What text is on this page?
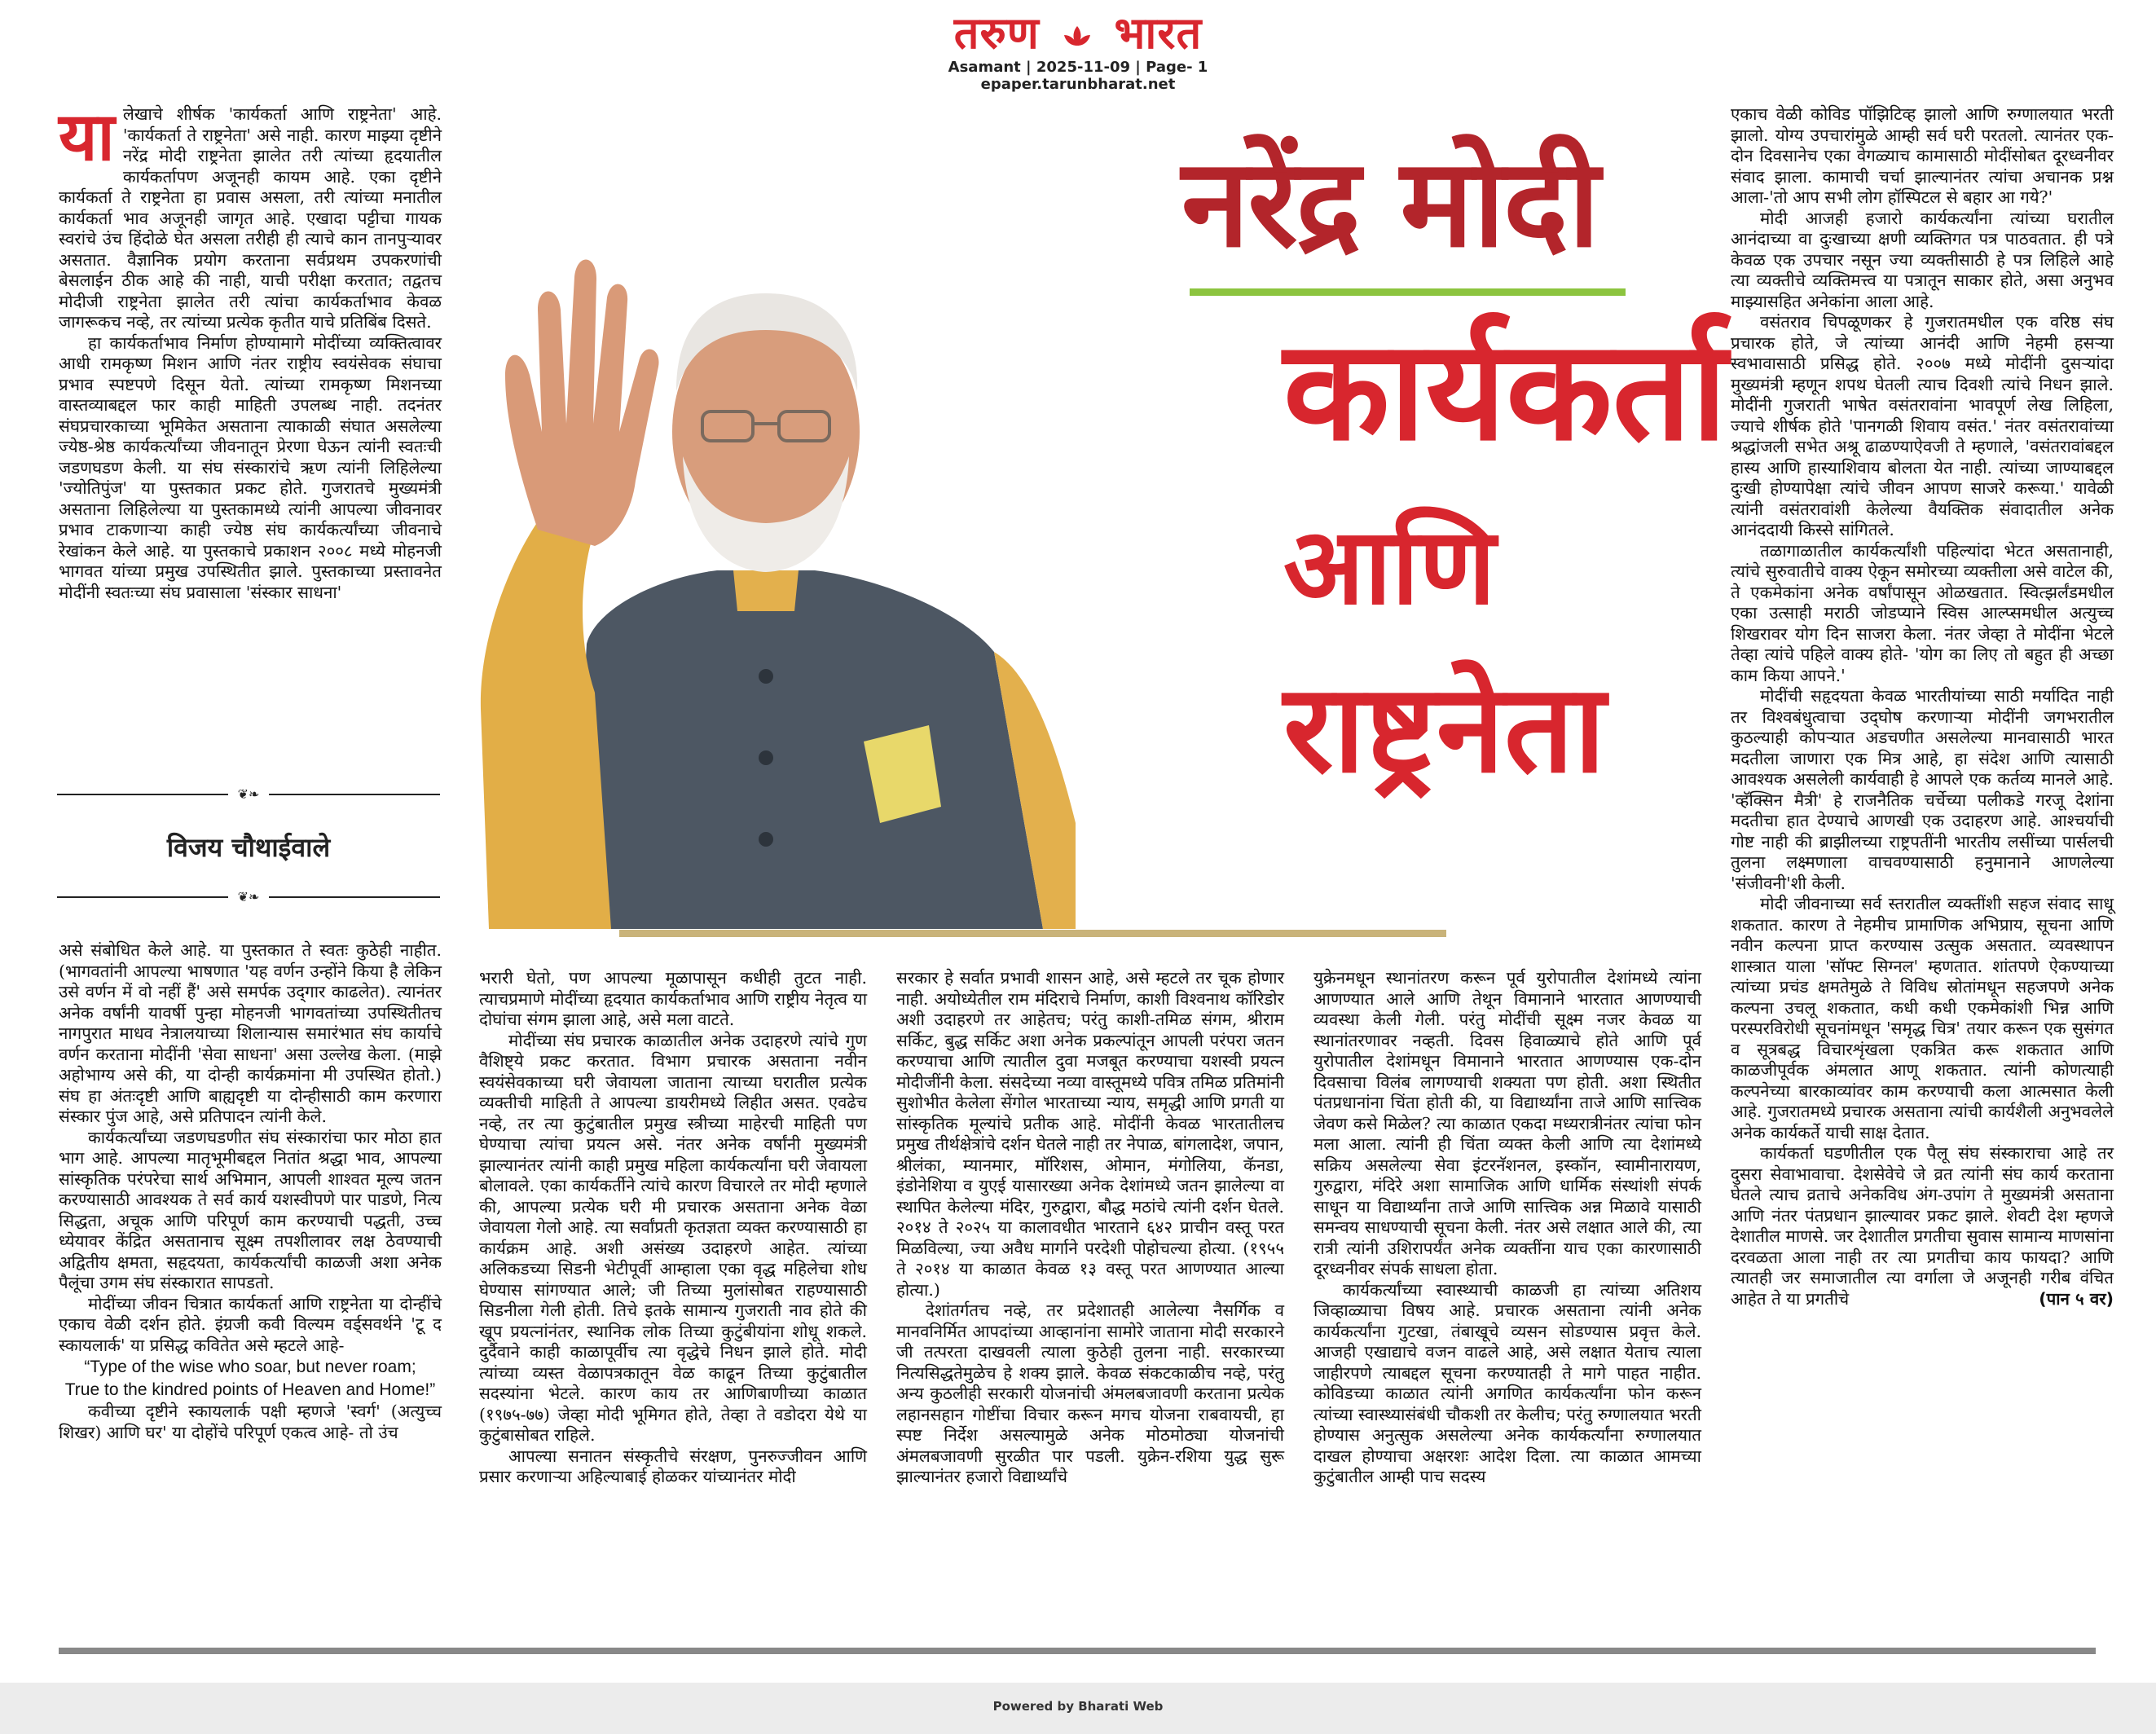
तरुण भारत
Asamant | 2025-11-09 | Page- 1
epaper.tarunbharat.net
या लेखाचे शीर्षक 'कार्यकर्ता आणि राष्ट्रनेता' आहे. 'कार्यकर्ता ते राष्ट्रनेता' असे नाही. कारण माझ्या दृष्टीने नरेंद्र मोदी राष्ट्रनेता झालेत तरी त्यांच्या हृदयातील कार्यकर्तापण अजूनही कायम आहे. एका दृष्टीने कार्यकर्ता ते राष्ट्रनेता हा प्रवास असला, तरी त्यांच्या मनातील कार्यकर्ता भाव अजूनही जागृत आहे. एखादा पट्टीचा गायक स्वरांचे उंच हिंदोळे घेत असला तरीही ही त्याचे कान तानपुऱ्यावर असतात. वैज्ञानिक प्रयोग करताना सर्वप्रथम उपकरणांची बेसलाईन ठीक आहे की नाही, याची परीक्षा करतात; तद्वतच मोदीजी राष्ट्रनेता झालेत तरी त्यांचा कार्यकर्ताभाव केवळ जागरूकच नव्हे, तर त्यांच्या प्रत्येक कृतीत याचे प्रतिबिंब दिसते.

हा कार्यकर्ताभाव निर्माण होण्यामागे मोदींच्या व्यक्तित्वावर आधी रामकृष्ण मिशन आणि नंतर राष्ट्रीय स्वयंसेवक संघाचा प्रभाव स्पष्टपणे दिसून येतो. त्यांच्या रामकृष्ण मिशनच्या वास्तव्याबद्दल फार काही माहिती उपलब्ध नाही. तदनंतर संघप्रचारकाच्या भूमिकेत असताना त्याकाळी संघात असलेल्या ज्येष्ठ-श्रेष्ठ कार्यकर्त्यांच्या जीवनातून प्रेरणा घेऊन त्यांनी स्वतःची जडणघडण केली. या संघ संस्कारांचे ऋण त्यांनी लिहिलेल्या 'ज्योतिपुंज' या पुस्तकात प्रकट होते. गुजरातचे मुख्यमंत्री असताना लिहिलेल्या या पुस्तकामध्ये त्यांनी आपल्या जीवनावर प्रभाव टाकणाऱ्या काही ज्येष्ठ संघ कार्यकर्त्यांच्या जीवनाचे रेखांकन केले आहे. या पुस्तकाचे प्रकाशन २००८ मध्ये मोहनजी भागवत यांच्या प्रमुख उपस्थितीत झाले. पुस्तकाच्या प्रस्तावनेत मोदींनी स्वतःच्या संघ प्रवासाला 'संस्कार साधना'

❦❧
विजय चौथाईवाले
❦❧

असे संबोधित केले आहे. या पुस्तकात ते स्वतः कुठेही नाहीत. (भागवतांनी आपल्या भाषणात 'यह वर्णन उन्होंने किया है लेकिन उसे वर्णन में वो नहीं हैं' असे समर्पक उद्‌गार काढलेत). त्यानंतर अनेक वर्षांनी यावर्षी पुन्हा मोहनजी भागवतांच्या उपस्थितीतच नागपुरात माधव नेत्रालयाच्या शिलान्यास समारंभात संघ कार्याचे वर्णन करताना मोदींनी 'सेवा साधना' असा उल्लेख केला. (माझे अहोभाग्य असे की, या दोन्ही कार्यक्रमांना मी उपस्थित होतो.) संघ हा अंतःदृष्टी आणि बाह्यदृष्टी या दोन्हीसाठी काम करणारा संस्कार पुंज आहे, असे प्रतिपादन त्यांनी केले.

कार्यकर्त्यांच्या जडणघडणीत संघ संस्कारांचा फार मोठा हात भाग आहे. आपल्या मातृभूमीबद्दल नितांत श्रद्धा भाव, आपल्या सांस्कृतिक परंपरेचा सार्थ अभिमान, आपली शाश्वत मूल्य जतन करण्यासाठी आवश्यक ते सर्व कार्य यशस्वीपणे पार पाडणे, नित्य सिद्धता, अचूक आणि परिपूर्ण काम करण्याची पद्धती, उच्च ध्येयावर केंद्रित असतानाच सूक्ष्म तपशीलावर लक्ष ठेवण्याची अद्वितीय क्षमता, सहृदयता, कार्यकर्त्यांची काळजी अशा अनेक पैलूंचा उगम संघ संस्कारात सापडतो.

मोदींच्या जीवन चित्रात कार्यकर्ता आणि राष्ट्रनेता या दोन्हींचे एकाच वेळी दर्शन होते. इंग्रजी कवी विल्यम वर्ड्सवर्थने 'टू द स्कायलार्क' या प्रसिद्ध कवितेत असे म्हटले आहे-

“Type of the wise who soar, but never roam;
True to the kindred points of Heaven and Home!”

कवीच्या दृष्टीने स्कायलार्क पक्षी म्हणजे 'स्वर्ग' (अत्युच्च शिखर) आणि घर' या दोहोंचे परिपूर्ण एकत्व आहे- तो उंच

नरेंद्र मोदी
कार्यकर्ता
आणि
राष्ट्रनेता

भरारी घेतो, पण आपल्या मूळापासून कधीही तुटत नाही. त्याचप्रमाणे मोदींच्या हृदयात कार्यकर्ताभाव आणि राष्ट्रीय नेतृत्व या दोघांचा संगम झाला आहे, असे मला वाटते.

मोदींच्या संघ प्रचारक काळातील अनेक उदाहरणे त्यांचे गुण वैशिष्ट्ये प्रकट करतात. विभाग प्रचारक असताना नवीन स्वयंसेवकाच्या घरी जेवायला जाताना त्याच्या घरातील प्रत्येक व्यक्तीची माहिती ते आपल्या डायरीमध्ये लिहीत असत. एवढेच नव्हे, तर त्या कुटुंबातील प्रमुख स्त्रीच्या माहेरची माहिती पण घेण्याचा त्यांचा प्रयत्न असे. नंतर अनेक वर्षांनी मुख्यमंत्री झाल्यानंतर त्यांनी काही प्रमुख महिला कार्यकर्त्यांना घरी जेवायला बोलावले. एका कार्यकर्तीने त्यांचे कारण विचारले तर मोदी म्हणाले की, आपल्या प्रत्येक घरी मी प्रचारक असताना अनेक वेळा जेवायला गेलो आहे. त्या सर्वांप्रती कृतज्ञता व्यक्त करण्यासाठी हा कार्यक्रम आहे. अशी असंख्य उदाहरणे आहेत. त्यांच्या अलिकडच्या सिडनी भेटीपूर्वी आम्हाला एका वृद्ध महिलेचा शोध घेण्यास सांगण्यात आले; जी तिच्या मुलांसोबत राहण्यासाठी सिडनीला गेली होती. तिचे इतके सामान्य गुजराती नाव होते की खूप प्रयत्नांनंतर, स्थानिक लोक तिच्या कुटुंबीयांना शोधू शकले. दुर्दैवाने काही काळापूर्वीच त्या वृद्धेचे निधन झाले होते. मोदी त्यांच्या व्यस्त वेळापत्रकातून वेळ काढून तिच्या कुटुंबातील सदस्यांना भेटले. कारण काय तर आणिबाणीच्या काळात (१९७५-७७) जेव्हा मोदी भूमिगत होते, तेव्हा ते वडोदरा येथे या कुटुंबासोबत राहिले.

आपल्या सनातन संस्कृतीचे संरक्षण, पुनरुज्जीवन आणि प्रसार करणाऱ्या अहिल्याबाई होळकर यांच्यानंतर मोदी

सरकार हे सर्वात प्रभावी शासन आहे, असे म्हटले तर चूक होणार नाही. अयोध्येतील राम मंदिराचे निर्माण, काशी विश्वनाथ कॉरिडोर अशी उदाहरणे तर आहेतच; परंतु काशी-तमिळ संगम, श्रीराम सर्किट, बुद्ध सर्किट अशा अनेक प्रकल्पांतून आपली परंपरा जतन करण्याचा आणि त्यातील दुवा मजबूत करण्याचा यशस्वी प्रयत्न मोदीजींनी केला. संसदेच्या नव्या वास्तूमध्ये पवित्र तमिळ प्रतिमांनी सुशोभीत केलेला सेंगोल भारताच्या न्याय, समृद्धी आणि प्रगती या सांस्कृतिक मूल्यांचे प्रतीक आहे. मोदींनी केवळ भारतातीलच प्रमुख तीर्थक्षेत्रांचे दर्शन घेतले नाही तर नेपाळ, बांगलादेश, जपान, श्रीलंका, म्यानमार, मॉरिशस, ओमान, मंगोलिया, कॅनडा, इंडोनेशिया व युएई यासारख्या अनेक देशांमध्ये जतन झालेल्या वा स्थापित केलेल्या मंदिर, गुरुद्वारा, बौद्ध मठांचे त्यांनी दर्शन घेतले. २०१४ ते २०२५ या कालावधीत भारताने ६४२ प्राचीन वस्तू परत मिळविल्या, ज्या अवैध मार्गाने परदेशी पोहोचल्या होत्या. (१९५५ ते २०१४ या काळात केवळ १३ वस्तू परत आणण्यात आल्या होत्या.)

देशांतर्गतच नव्हे, तर प्रदेशातही आलेल्या नैसर्गिक व मानवनिर्मित आपदांच्या आव्हानांना सामोरे जाताना मोदी सरकारने जी तत्परता दाखवली त्याला कुठेही तुलना नाही. सरकारच्या नित्यसिद्धतेमुळेच हे शक्य झाले. केवळ संकटकाळीच नव्हे, परंतु अन्य कुठलीही सरकारी योजनांची अंमलबजावणी करताना प्रत्येक लहानसहान गोष्टींचा विचार करून मगच योजना राबवायची, हा स्पष्ट निर्देश असल्यामुळे अनेक मोठमोठ्या योजनांची अंमलबजावणी सुरळीत पार पडली. युक्रेन-रशिया युद्ध सुरू झाल्यानंतर हजारो विद्यार्थ्यांचे

युक्रेनमधून स्थानांतरण करून पूर्व युरोपातील देशांमध्ये त्यांना आणण्यात आले आणि तेथून विमानाने भारतात आणण्याची व्यवस्था केली गेली. परंतु मोदींची सूक्ष्म नजर केवळ या स्थानांतरणावर नव्हती. दिवस हिवाळ्याचे होते आणि पूर्व युरोपातील देशांमधून विमानाने भारतात आणण्यास एक-दोन दिवसाचा विलंब लागण्याची शक्यता पण होती. अशा स्थितीत पंतप्रधानांना चिंता होती की, या विद्यार्थ्यांना ताजे आणि सात्त्विक जेवण कसे मिळेल? त्या काळात एकदा मध्यरात्रीनंतर त्यांचा फोन मला आला. त्यांनी ही चिंता व्यक्त केली आणि त्या देशांमध्ये सक्रिय असलेल्या सेवा इंटरनॅशनल, इस्कॉन, स्वामीनारायण, गुरुद्वारा, मंदिरे अशा सामाजिक आणि धार्मिक संस्थांशी संपर्क साधून या विद्यार्थ्यांना ताजे आणि सात्त्विक अन्न मिळावे यासाठी समन्वय साधण्याची सूचना केली. नंतर असे लक्षात आले की, त्या रात्री त्यांनी उशिरापर्यंत अनेक व्यक्तींना याच एका कारणासाठी दूरध्वनीवर संपर्क साधला होता.

कार्यकर्त्यांच्या स्वास्थ्याची काळजी हा त्यांच्या अतिशय जिव्हाळ्याचा विषय आहे. प्रचारक असताना त्यांनी अनेक कार्यकर्त्यांना गुटखा, तंबाखूचे व्यसन सोडण्यास प्रवृत्त केले. आजही एखाद्याचे वजन वाढले आहे, असे लक्षात येताच त्याला जाहीरपणे त्याबद्दल सूचना करण्यातही ते मागे पाहत नाहीत. कोविडच्या काळात त्यांनी अगणित कार्यकर्त्यांना फोन करून त्यांच्या स्वास्थ्यासंबंधी चौकशी तर केलीच; परंतु रुग्णालयात भरती होण्यास अनुत्सुक असलेल्या अनेक कार्यकर्त्यांना रुग्णालयात दाखल होण्याचा अक्षरशः आदेश दिला. त्या काळात आमच्या कुटुंबातील आम्ही पाच सदस्य

एकाच वेळी कोविड पॉझिटिव्ह झालो आणि रुग्णालयात भरती झालो. योग्य उपचारांमुळे आम्ही सर्व घरी परतलो. त्यानंतर एक-दोन दिवसानेच एका वेगळ्याच कामासाठी मोदींसोबत दूरध्वनीवर संवाद झाला. कामाची चर्चा झाल्यानंतर त्यांचा अचानक प्रश्न आला-'तो आप सभी लोग हॉस्पिटल से बहार आ गये?'

मोदी आजही हजारो कार्यकर्त्यांना त्यांच्या घरातील आनंदाच्या वा दुःखाच्या क्षणी व्यक्तिगत पत्र पाठवतात. ही पत्रे केवळ एक उपचार नसून ज्या व्यक्तीसाठी हे पत्र लिहिले आहे त्या व्यक्तीचे व्यक्तिमत्त्व या पत्रातून साकार होते, असा अनुभव माझ्यासहित अनेकांना आला आहे.

वसंतराव चिपळूणकर हे गुजरातमधील एक वरिष्ठ संघ प्रचारक होते, जे त्यांच्या आनंदी आणि नेहमी हसऱ्या स्वभावासाठी प्रसिद्ध होते. २००७ मध्ये मोदींनी दुसऱ्यांदा मुख्यमंत्री म्हणून शपथ घेतली त्याच दिवशी त्यांचे निधन झाले. मोदींनी गुजराती भाषेत वसंतरावांना भावपूर्ण लेख लिहिला, ज्याचे शीर्षक होते 'पानगळी शिवाय वसंत.' नंतर वसंतरावांच्या श्रद्धांजली सभेत अश्रू ढाळण्याऐवजी ते म्हणाले, 'वसंतरावांबद्दल हास्य आणि हास्याशिवाय बोलता येत नाही. त्यांच्या जाण्याबद्दल दुःखी होण्यापेक्षा त्यांचे जीवन आपण साजरे करूया.' यावेळी त्यांनी वसंतरावांशी केलेल्या वैयक्तिक संवादातील अनेक आनंददायी किस्से सांगितले.

तळागाळातील कार्यकर्त्यांशी पहिल्यांदा भेटत असतानाही, त्यांचे सुरुवातीचे वाक्य ऐकून समोरच्या व्यक्तीला असे वाटेल की, ते एकमेकांना अनेक वर्षांपासून ओळखतात. स्वित्झर्लंडमधील एका उत्साही मराठी जोडप्याने स्विस आल्प्समधील अत्युच्च शिखरावर योग दिन साजरा केला. नंतर जेव्हा ते मोदींना भेटले तेव्हा त्यांचे पहिले वाक्य होते- 'योग का लिए तो बहुत ही अच्छा काम किया आपने.'

मोदींची सहृदयता केवळ भारतीयांच्या साठी मर्यादित नाही तर विश्वबंधुत्वाचा उद्‌घोष करणाऱ्या मोदींनी जगभरातील कुठल्याही कोपऱ्यात अडचणीत असलेल्या मानवासाठी भारत मदतीला जाणारा एक मित्र आहे, हा संदेश आणि त्यासाठी आवश्यक असलेली कार्यवाही हे आपले एक कर्तव्य मानले आहे. 'व्हॅक्सिन मैत्री' हे राजनैतिक चर्चेच्या पलीकडे गरजू देशांना मदतीचा हात देण्याचे आणखी एक उदाहरण आहे. आश्चर्याची गोष्ट नाही की ब्राझीलच्या राष्ट्रपतींनी भारतीय लसींच्या पार्सलची तुलना लक्ष्मणाला वाचवण्यासाठी हनुमानाने आणलेल्या 'संजीवनी'शी केली.

मोदी जीवनाच्या सर्व स्तरातील व्यक्तींशी सहज संवाद साधू शकतात. कारण ते नेहमीच प्रामाणिक अभिप्राय, सूचना आणि नवीन कल्पना प्राप्त करण्यास उत्सुक असतात. व्यवस्थापन शास्त्रात याला 'सॉफ्ट सिग्नल' म्हणतात. शांतपणे ऐकण्याच्या त्यांच्या प्रचंड क्षमतेमुळे ते विविध स्रोतांमधून सहजपणे अनेक कल्पना उचलू शकतात, कधी कधी एकमेकांशी भिन्न आणि परस्परविरोधी सूचनांमधून 'समृद्ध चित्र' तयार करून एक सुसंगत व सूत्रबद्ध विचारशृंखला एकत्रित करू शकतात आणि काळजीपूर्वक अंमलात आणू शकतात. त्यांनी कोणत्याही कल्पनेच्या बारकाव्यांवर काम करण्याची कला आत्मसात केली आहे. गुजरातमध्ये प्रचारक असताना त्यांची कार्यशैली अनुभवलेले अनेक कार्यकर्ते याची साक्ष देतात.

कार्यकर्ता घडणीतील एक पैलू संघ संस्काराचा आहे तर दुसरा सेवाभावाचा. देशसेवेचे जे व्रत त्यांनी संघ कार्य करताना घेतले त्याच व्रताचे अनेकविध अंग-उपांग ते मुख्यमंत्री असताना आणि नंतर पंतप्रधान झाल्यावर प्रकट झाले. शेवटी देश म्हणजे देशातील माणसे. जर देशातील प्रगतीचा सुवास सामान्य माणसांना दरवळता आला नाही तर त्या प्रगतीचा काय फायदा? आणि त्यातही जर समाजातील त्या वर्गाला जे अजूनही गरीब वंचित आहेत ते या प्रगतीचे	(पान ५ वर)

Powered by Bharati Web
